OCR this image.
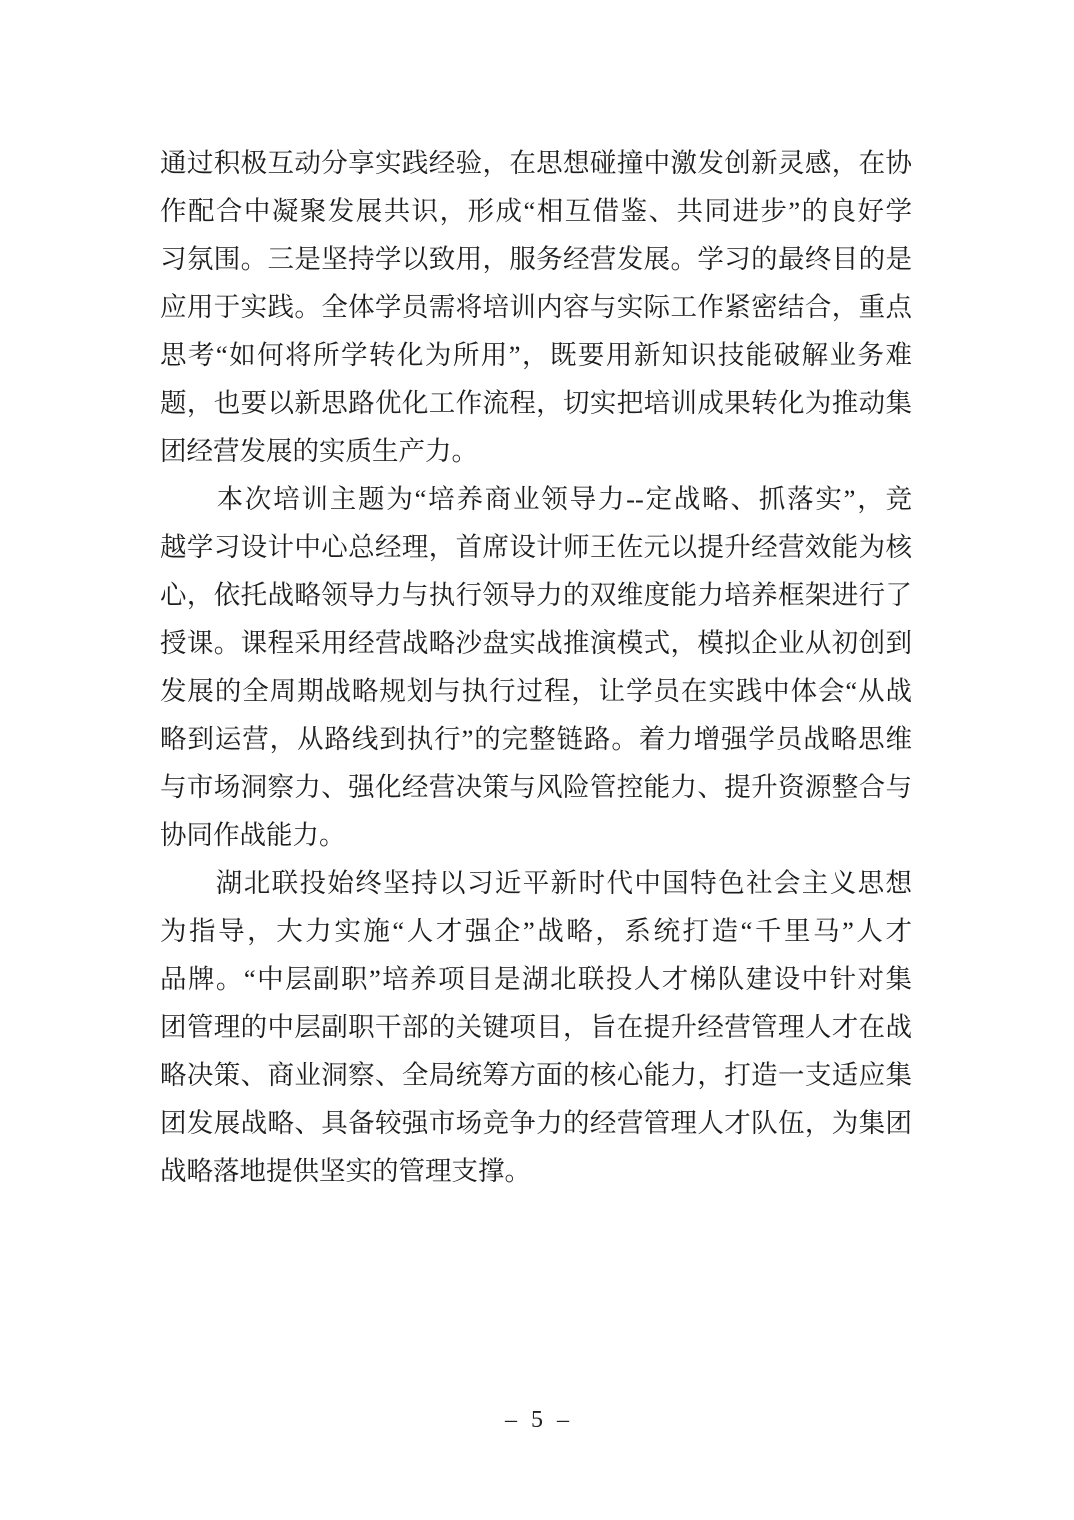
通过积极互动分享实践经验，在思想碰撞中激发创新灵感，在协
作配合中凝聚发展共识，形成“相互借鉴、共同进步”的良好学
习氛围。三是坚持学以致用，服务经营发展。学习的最终目的是
应用于实践。全体学员需将培训内容与实际工作紧密结合，重点
思考“如何将所学转化为所用”，既要用新知识技能破解业务难
题，也要以新思路优化工作流程，切实把培训成果转化为推动集
团经营发展的实质生产力。
　　本次培训主题为“培养商业领导力--定战略、抓落实”，竞
越学习设计中心总经理，首席设计师王佐元以提升经营效能为核
心，依托战略领导力与执行领导力的双维度能力培养框架进行了
授课。课程采用经营战略沙盘实战推演模式，模拟企业从初创到
发展的全周期战略规划与执行过程，让学员在实践中体会“从战
略到运营，从路线到执行”的完整链路。着力增强学员战略思维
与市场洞察力、强化经营决策与风险管控能力、提升资源整合与
协同作战能力。
　　湖北联投始终坚持以习近平新时代中国特色社会主义思想
为指导，大力实施“人才强企”战略，系统打造“千里马”人才
品牌。“中层副职”培养项目是湖北联投人才梯队建设中针对集
团管理的中层副职干部的关键项目，旨在提升经营管理人才在战
略决策、商业洞察、全局统筹方面的核心能力，打造一支适应集
团发展战略、具备较强市场竞争力的经营管理人才队伍，为集团
战略落地提供坚实的管理支撑。
– 5 –
